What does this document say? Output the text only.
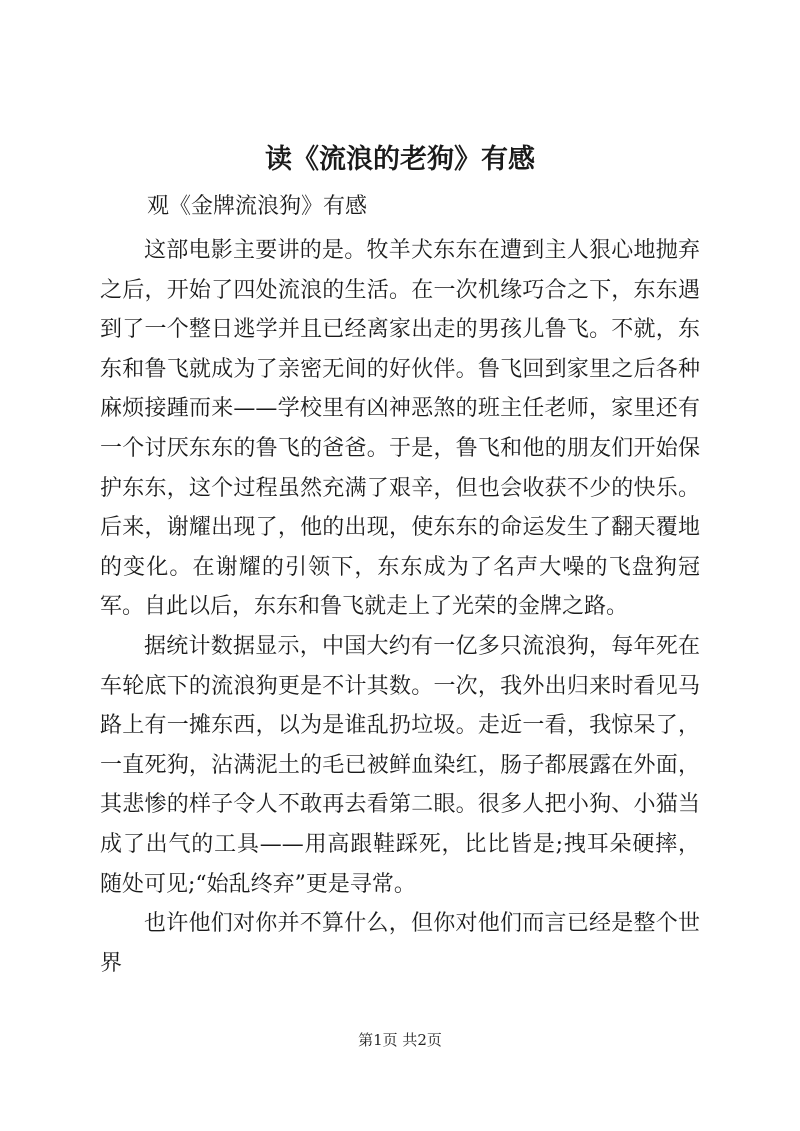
读《流浪的老狗》有感

观《金牌流浪狗》有感

这部电影主要讲的是。牧羊犬东东在遭到主人狠心地抛弃之后，开始了四处流浪的生活。在一次机缘巧合之下，东东遇到了一个整日逃学并且已经离家出走的男孩儿鲁飞。不就，东东和鲁飞就成为了亲密无间的好伙伴。鲁飞回到家里之后各种麻烦接踵而来——学校里有凶神恶煞的班主任老师，家里还有一个讨厌东东的鲁飞的爸爸。于是，鲁飞和他的朋友们开始保护东东，这个过程虽然充满了艰辛，但也会收获不少的快乐。后来，谢耀出现了，他的出现，使东东的命运发生了翻天覆地的变化。在谢耀的引领下，东东成为了名声大噪的飞盘狗冠军。自此以后，东东和鲁飞就走上了光荣的金牌之路。

据统计数据显示，中国大约有一亿多只流浪狗，每年死在车轮底下的流浪狗更是不计其数。一次，我外出归来时看见马路上有一摊东西，以为是谁乱扔垃圾。走近一看，我惊呆了，一直死狗，沾满泥土的毛已被鲜血染红，肠子都展露在外面，其悲惨的样子令人不敢再去看第二眼。很多人把小狗、小猫当成了出气的工具——用高跟鞋踩死，比比皆是;拽耳朵硬摔，随处可见;“始乱终弃”更是寻常。

也许他们对你并不算什么，但你对他们而言已经是整个世界

第1页 共2页
